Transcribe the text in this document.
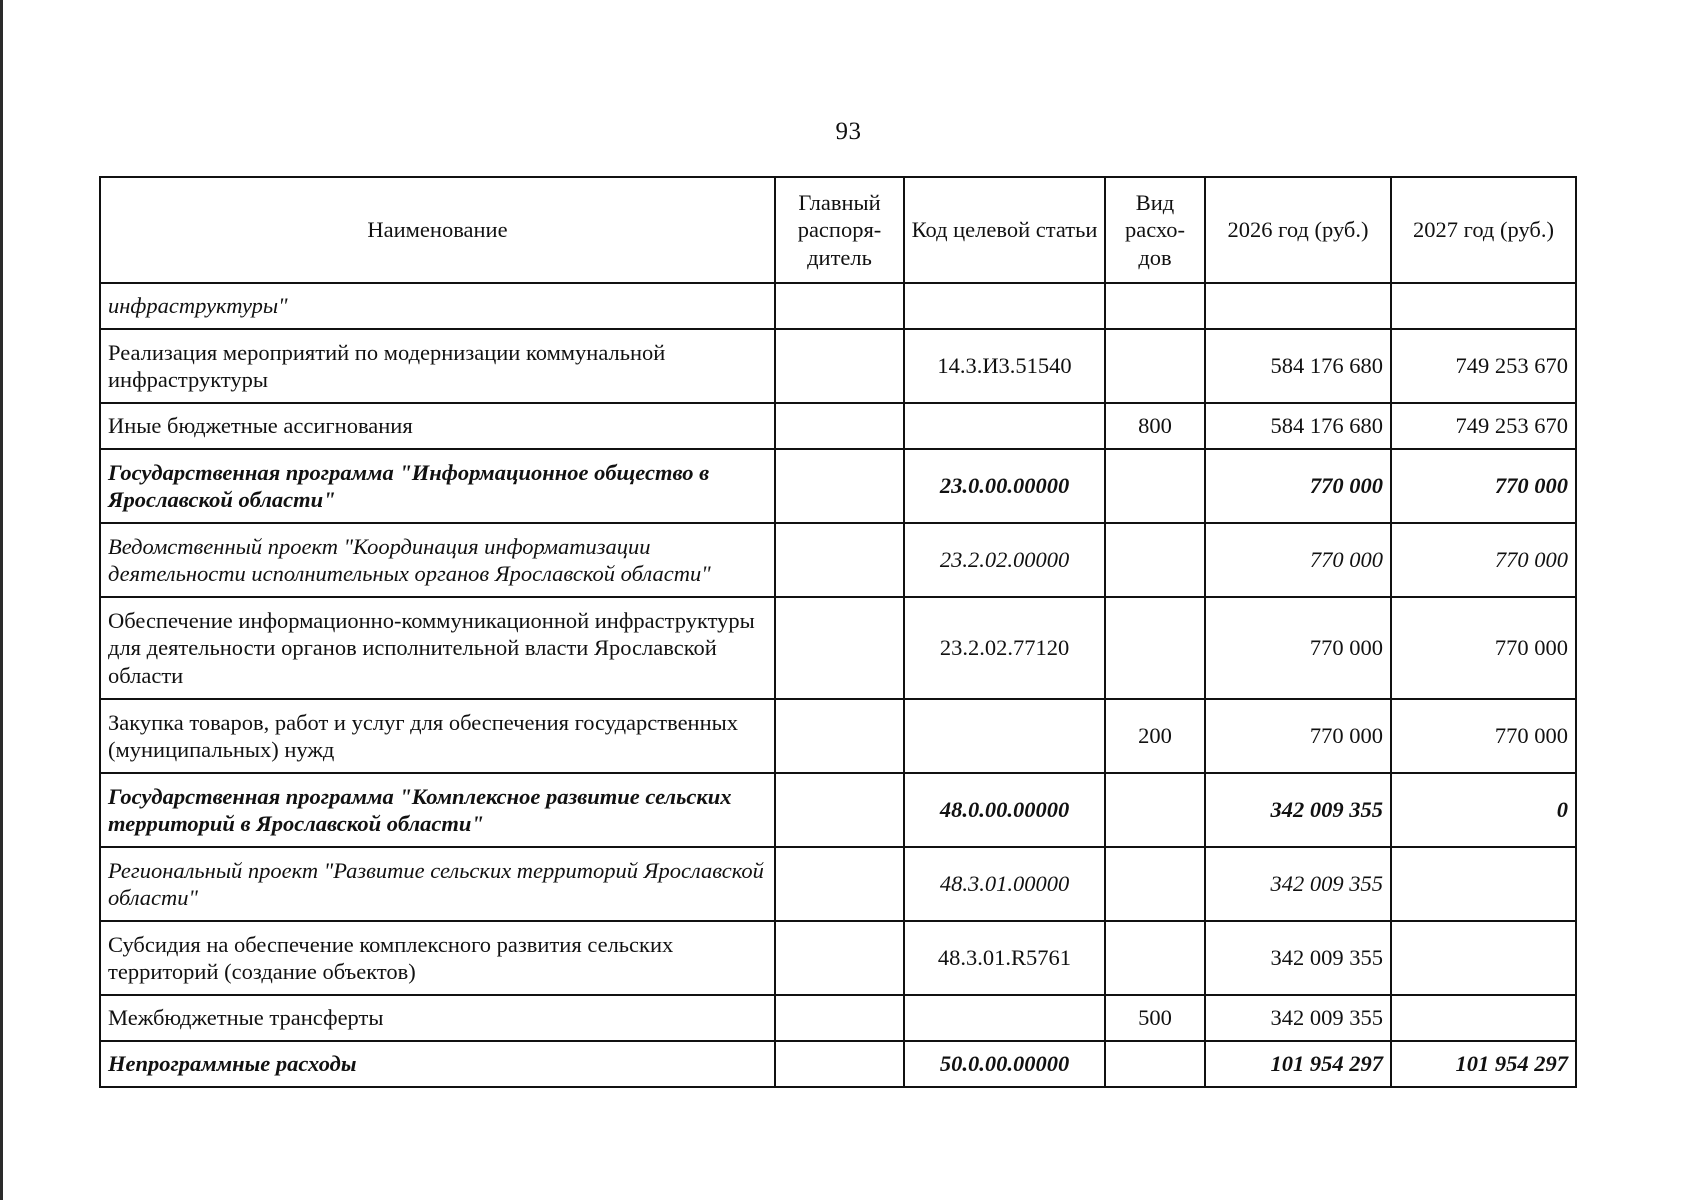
93
Наименование	Главный распоря-дитель	Код целевой статьи	Вид расхо-дов	2026 год (руб.)	2027 год (руб.)
инфраструктуры"					
Реализация мероприятий по модернизации коммунальной инфраструктуры		14.3.И3.51540		584 176 680	749 253 670
Иные бюджетные ассигнования			800	584 176 680	749 253 670
Государственная программа "Информационное общество в Ярославской области"		23.0.00.00000		770 000	770 000
Ведомственный проект "Координация информатизации деятельности исполнительных органов Ярославской области"		23.2.02.00000		770 000	770 000
Обеспечение информационно-коммуникационной инфраструктуры для деятельности органов исполнительной власти Ярославской области		23.2.02.77120		770 000	770 000
Закупка товаров, работ и услуг для обеспечения государственных (муниципальных) нужд			200	770 000	770 000
Государственная программа "Комплексное развитие сельских территорий в Ярославской области"		48.0.00.00000		342 009 355	0
Региональный проект "Развитие сельских территорий Ярославской области"		48.3.01.00000		342 009 355	
Субсидия на обеспечение комплексного развития сельских территорий (создание объектов)		48.3.01.R5761		342 009 355	
Межбюджетные трансферты			500	342 009 355	
Непрограммные расходы		50.0.00.00000		101 954 297	101 954 297
